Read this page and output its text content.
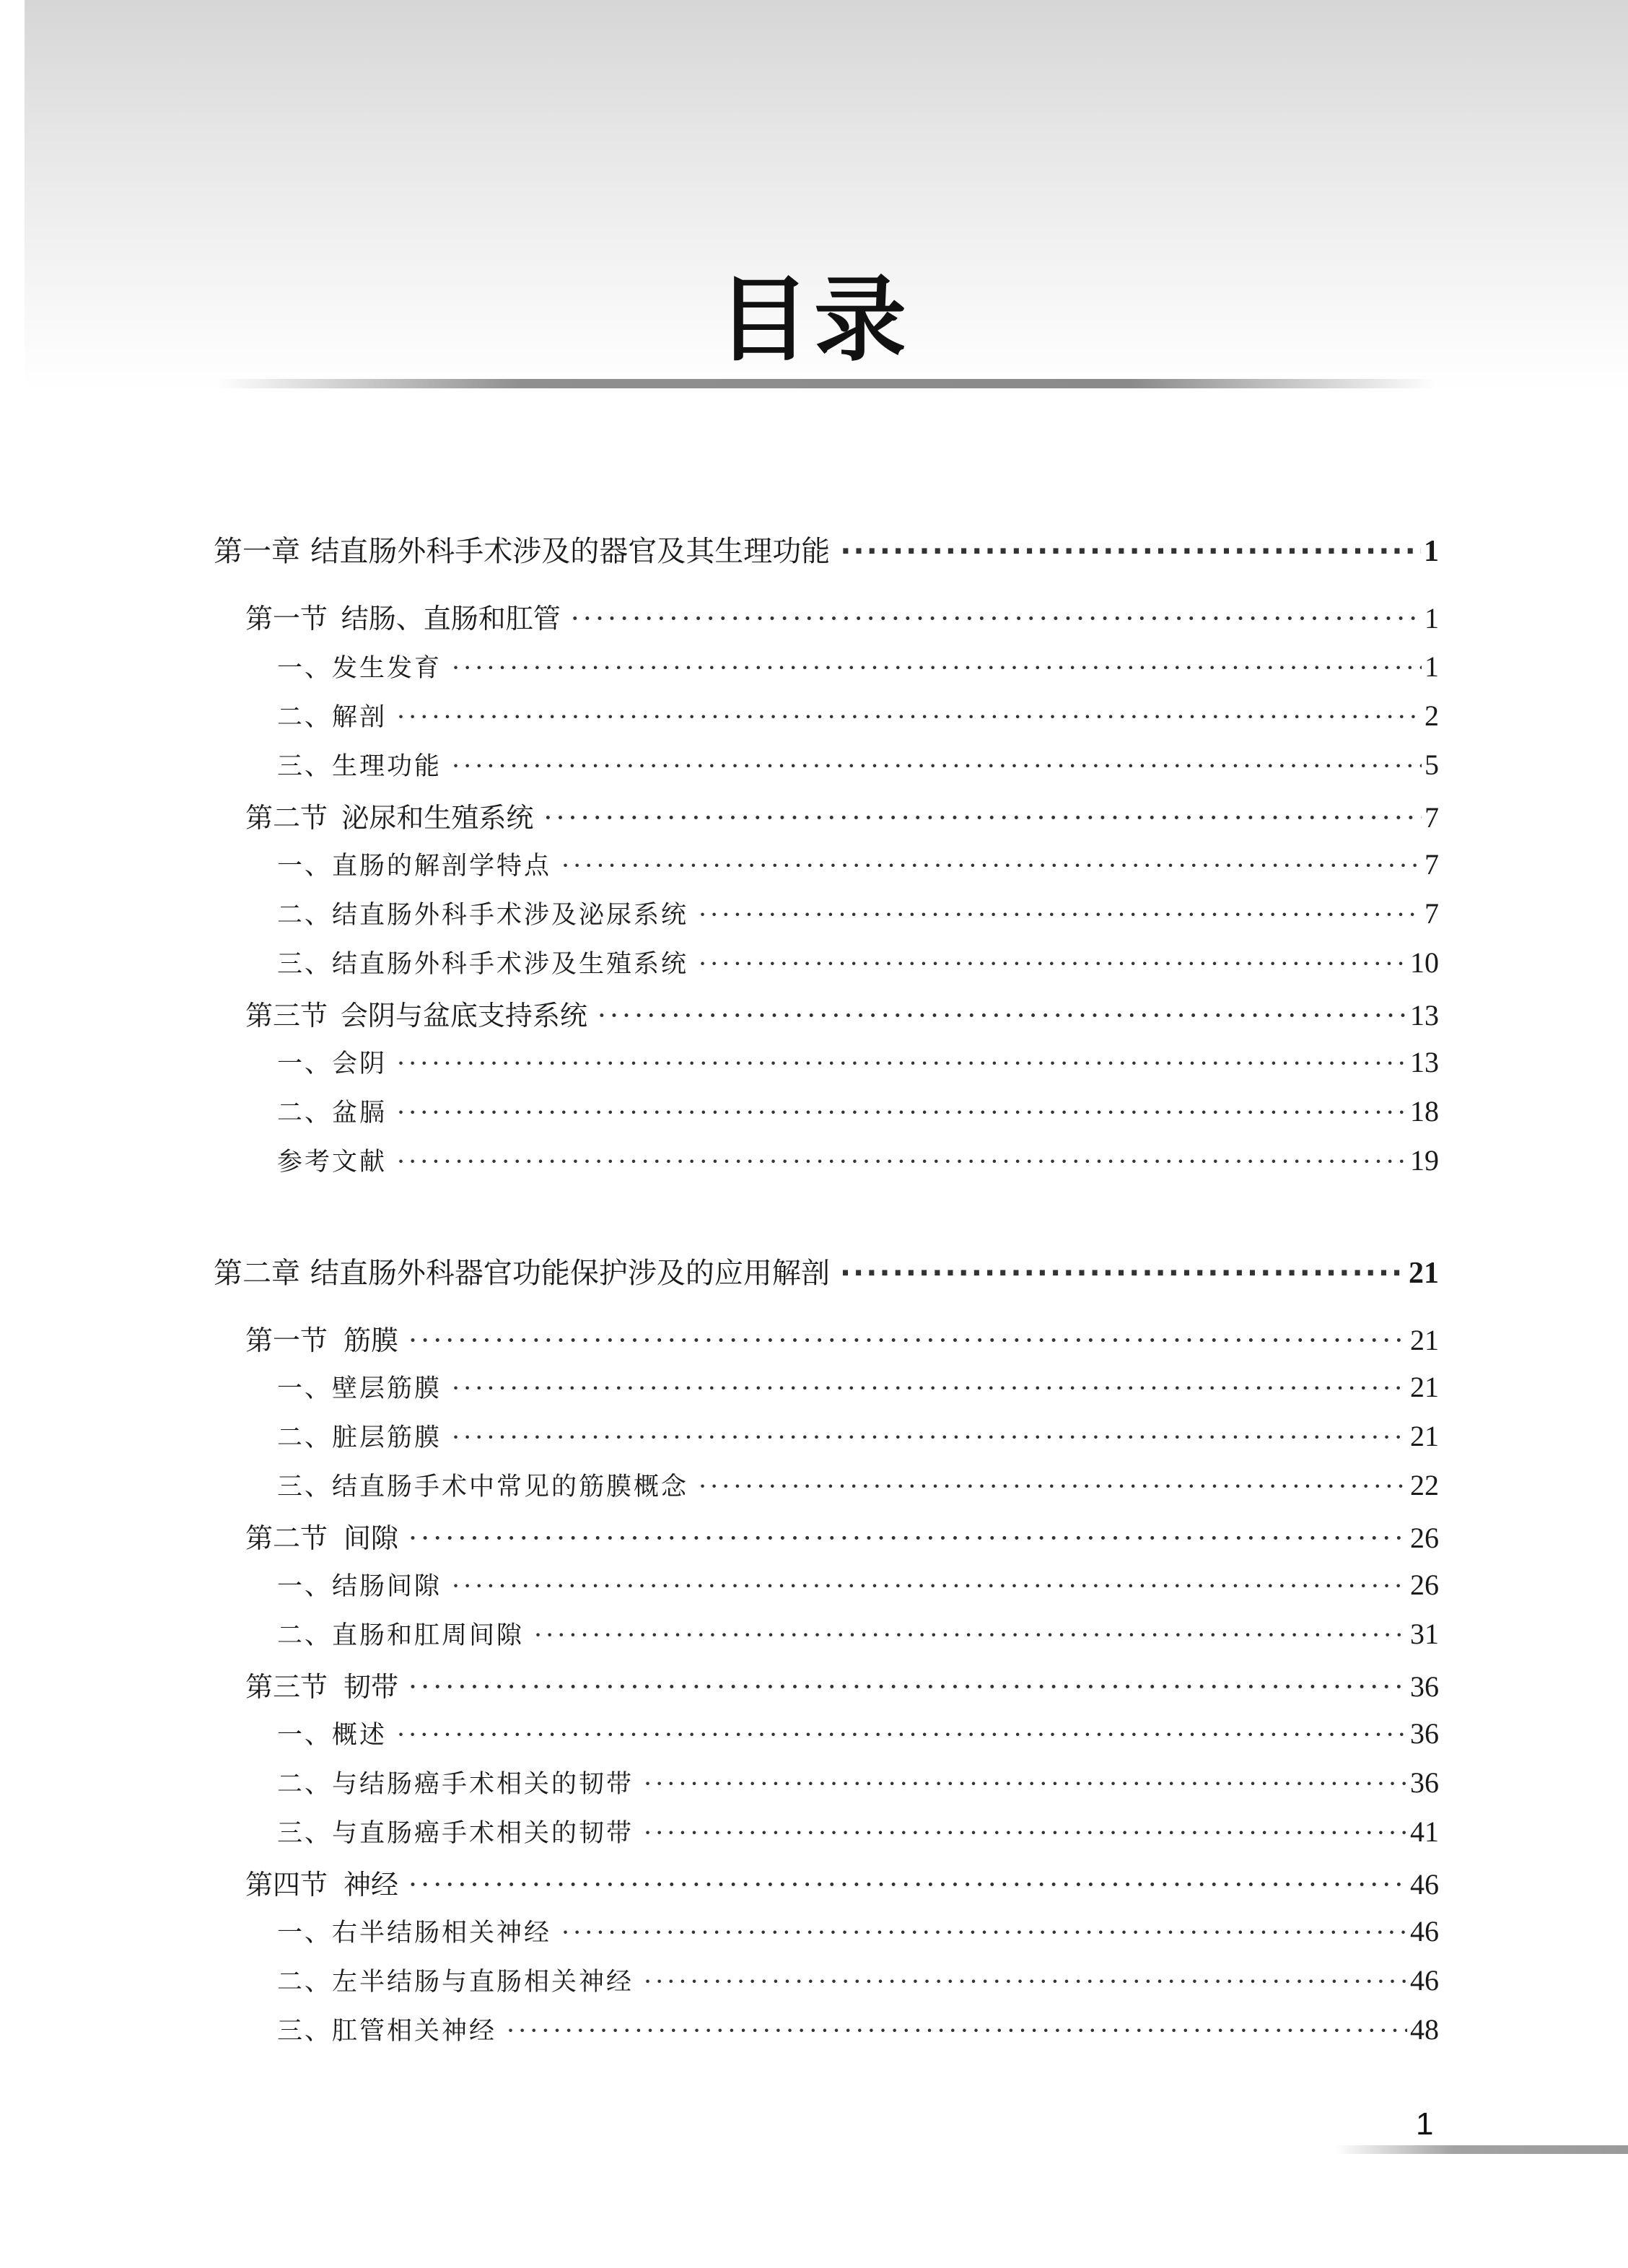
目录
第一章 结直肠外科手术涉及的器官及其生理功能 ·····	1
第一节 结肠、直肠和肛管 ·····	1
一、发生发育 ·····	1
二、解剖 ·····	2
三、生理功能 ·····	5
第二节 泌尿和生殖系统 ·····	7
一、直肠的解剖学特点 ·····	7
二、结直肠外科手术涉及泌尿系统 ·····	7
三、结直肠外科手术涉及生殖系统 ·····	10
第三节 会阴与盆底支持系统 ·····	13
一、会阴 ·····	13
二、盆膈 ·····	18
参考文献 ·····	19
第二章 结直肠外科器官功能保护涉及的应用解剖 ·····	21
第一节 筋膜 ·····	21
一、壁层筋膜 ·····	21
二、脏层筋膜 ·····	21
三、结直肠手术中常见的筋膜概念 ·····	22
第二节 间隙 ·····	26
一、结肠间隙 ·····	26
二、直肠和肛周间隙 ·····	31
第三节 韧带 ·····	36
一、概述 ·····	36
二、与结肠癌手术相关的韧带 ·····	36
三、与直肠癌手术相关的韧带 ·····	41
第四节 神经 ·····	46
一、右半结肠相关神经 ·····	46
二、左半结肠与直肠相关神经 ·····	46
三、肛管相关神经 ·····	48
1
